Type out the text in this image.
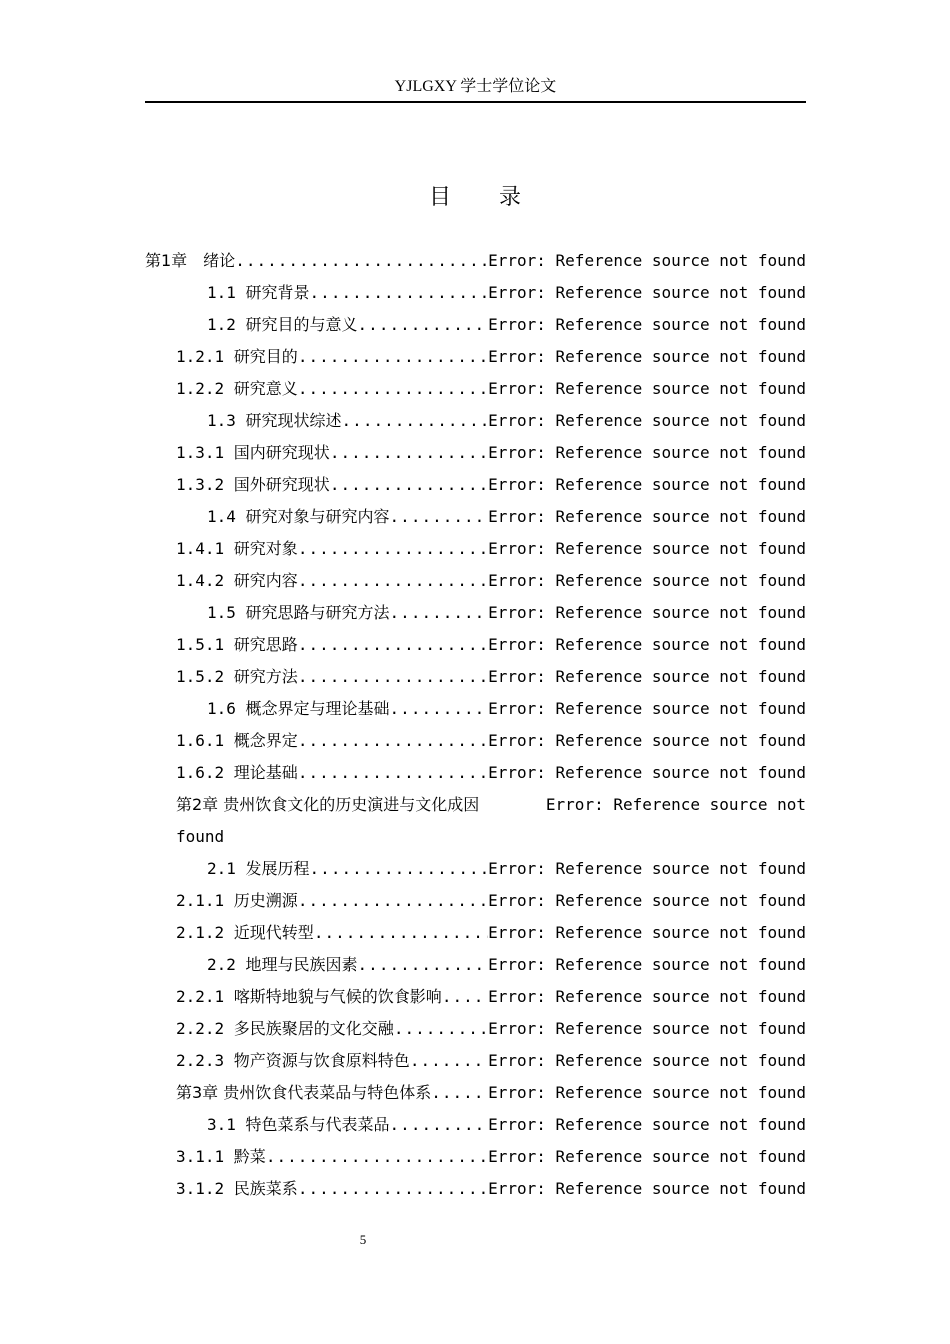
YJLGXY 学士学位论文
目录
第1章　绪论 .....	Error: Reference source not found
1.1 研究背景 .....	Error: Reference source not found
1.2 研究目的与意义 .....	Error: Reference source not found
1.2.1 研究目的 .....	Error: Reference source not found
1.2.2 研究意义 .....	Error: Reference source not found
1.3 研究现状综述 .....	Error: Reference source not found
1.3.1 国内研究现状 .....	Error: Reference source not found
1.3.2 国外研究现状 .....	Error: Reference source not found
1.4 研究对象与研究内容 .....	Error: Reference source not found
1.4.1 研究对象 .....	Error: Reference source not found
1.4.2 研究内容 .....	Error: Reference source not found
1.5 研究思路与研究方法 .....	Error: Reference source not found
1.5.1 研究思路 .....	Error: Reference source not found
1.5.2 研究方法 .....	Error: Reference source not found
1.6 概念界定与理论基础 .....	Error: Reference source not found
1.6.1 概念界定 .....	Error: Reference source not found
1.6.2 理论基础 .....	Error: Reference source not found
第2章 贵州饮食文化的历史演进与文化成因	Error: Reference source not
found
2.1 发展历程 .....	Error: Reference source not found
2.1.1 历史溯源 .....	Error: Reference source not found
2.1.2 近现代转型 .....	Error: Reference source not found
2.2 地理与民族因素 .....	Error: Reference source not found
2.2.1 喀斯特地貌与气候的饮食影响 .....	Error: Reference source not found
2.2.2 多民族聚居的文化交融 .....	Error: Reference source not found
2.2.3 物产资源与饮食原料特色 .....	Error: Reference source not found
第3章 贵州饮食代表菜品与特色体系 .....	Error: Reference source not found
3.1 特色菜系与代表菜品 .....	Error: Reference source not found
3.1.1 黔菜 .....	Error: Reference source not found
3.1.2 民族菜系 .....	Error: Reference source not found
5
